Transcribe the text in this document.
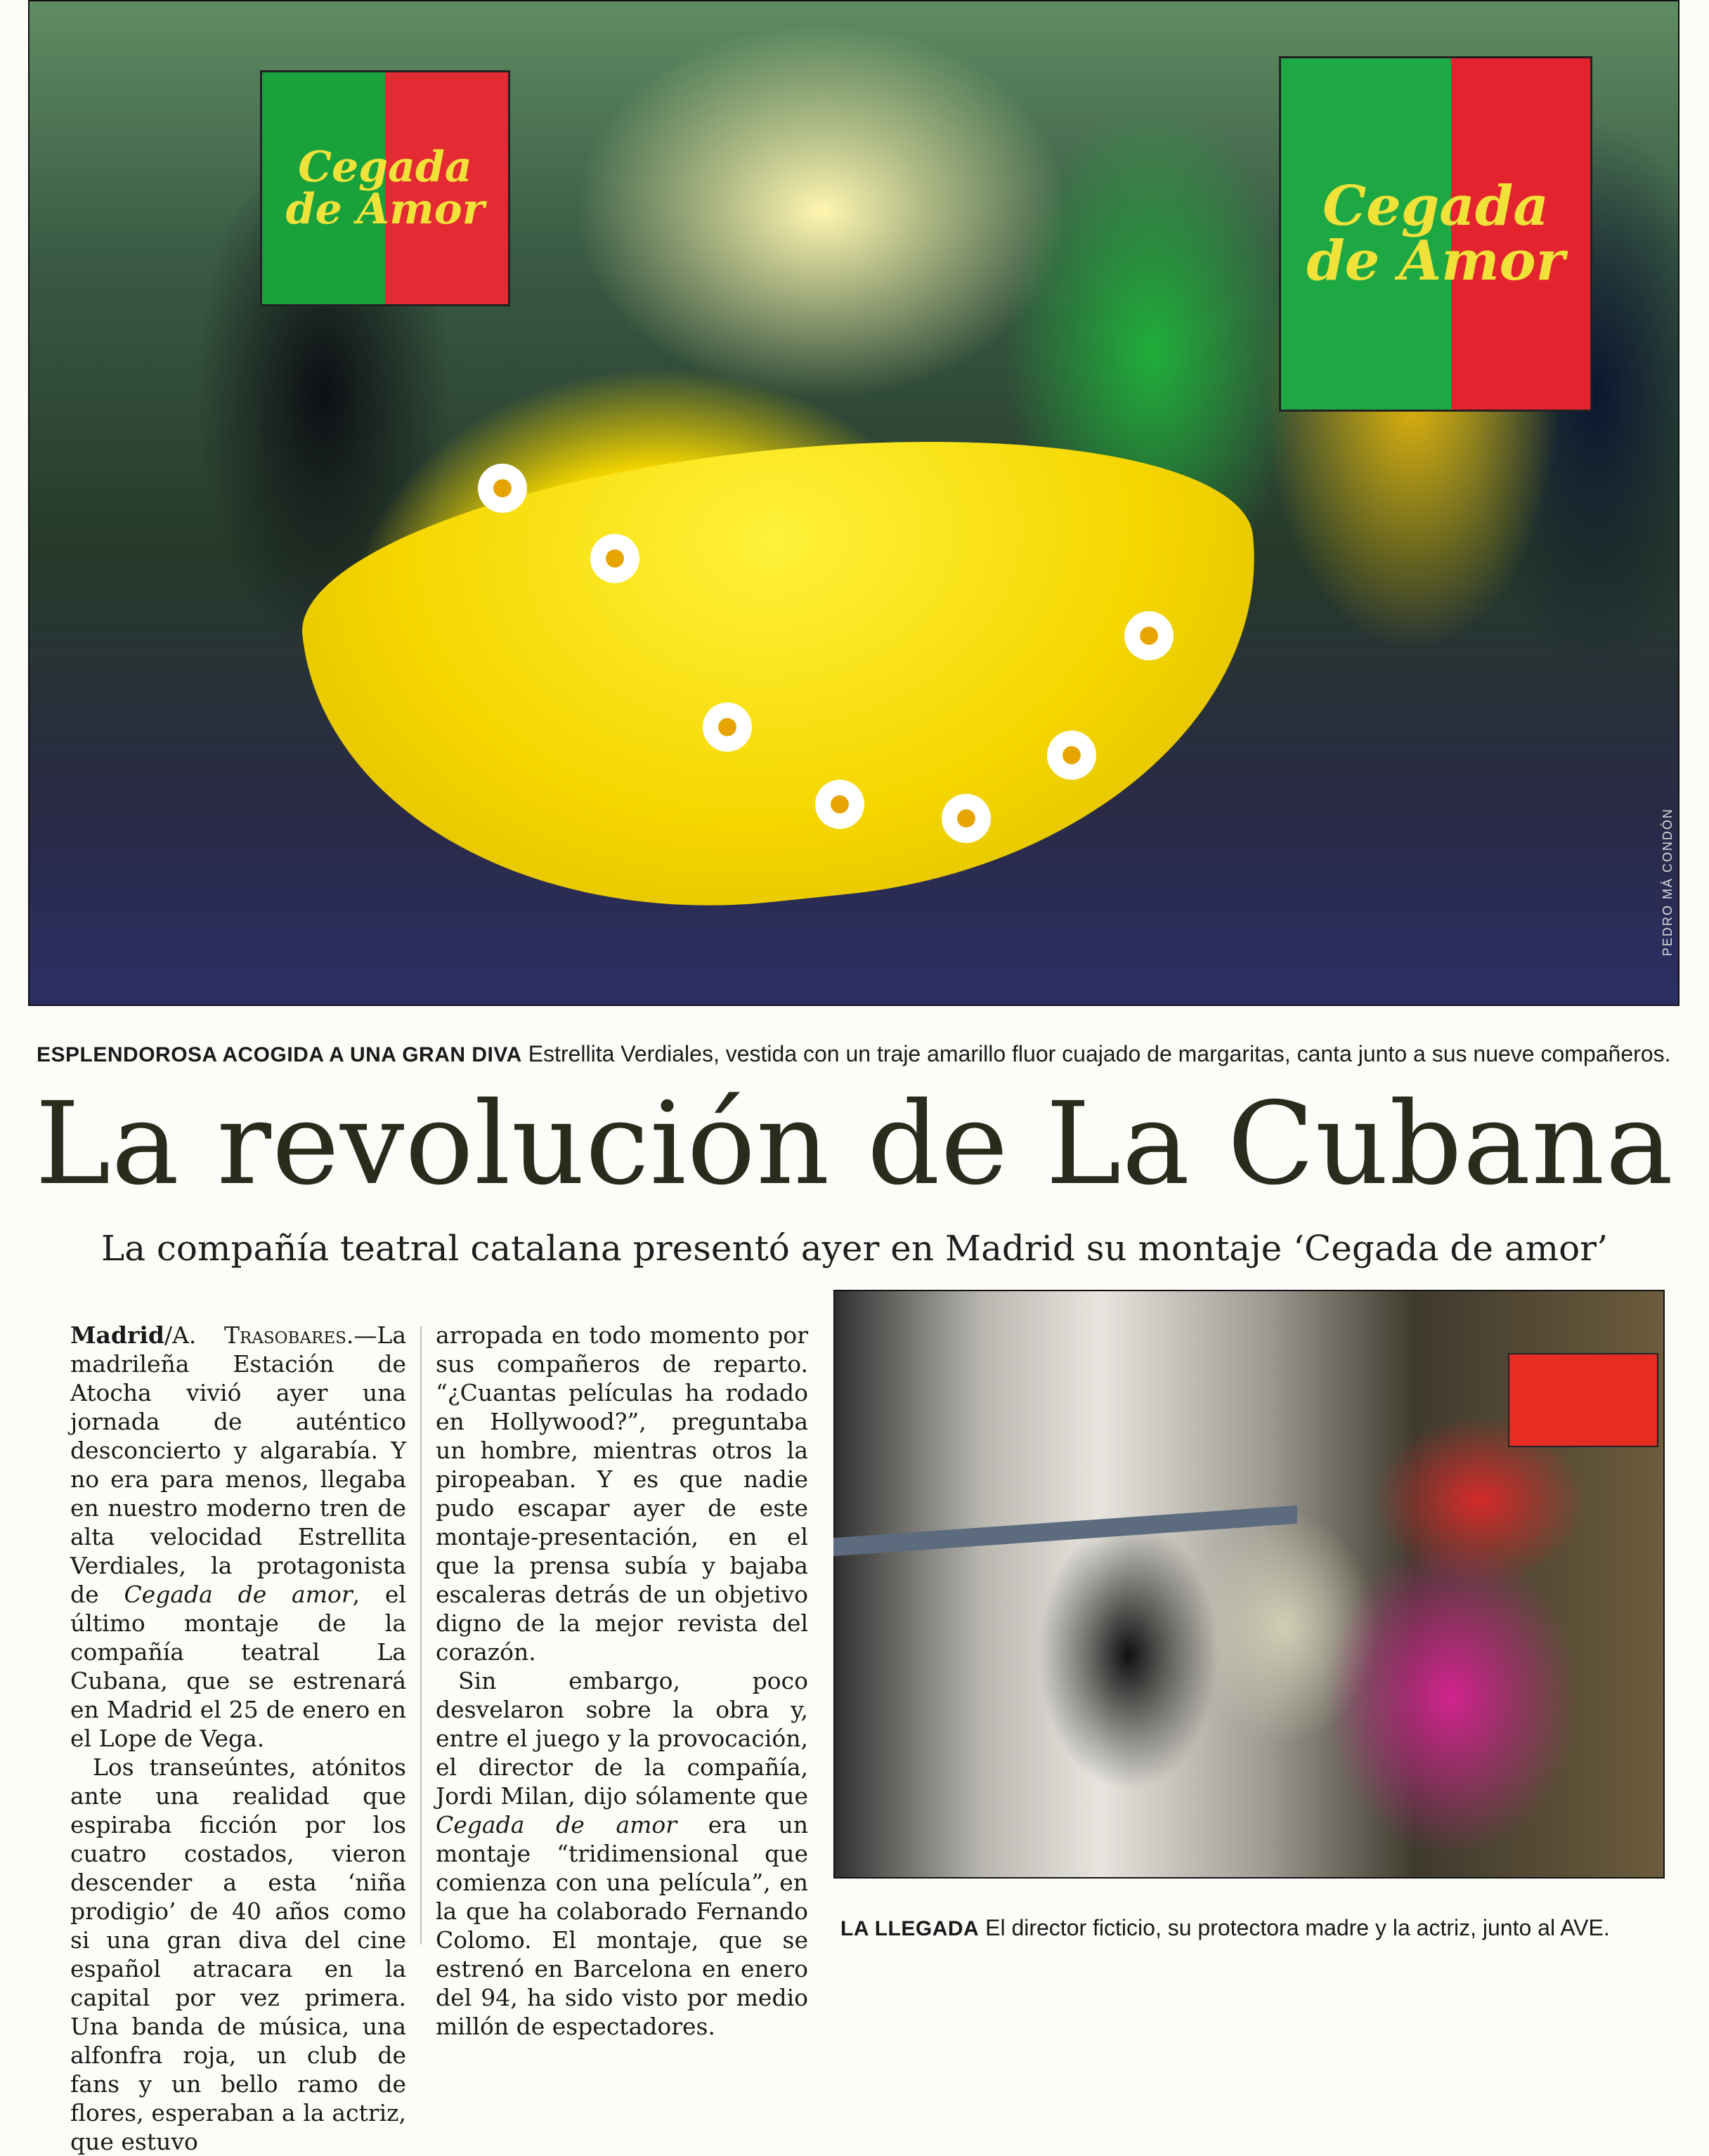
Cegada
de Amor	Cegada
de Amor
PEDRO MÁ CONDÓN
ESPLENDOROSA ACOGIDA A UNA GRAN DIVA Estrellita Verdiales, vestida con un traje amarillo fluor cuajado de margaritas, canta junto a sus nueve compañeros.
La revolución de La Cubana
La compañía teatral catalana presentó ayer en Madrid su montaje ‘Cegada de amor’

Madrid/A. Trasobares.—La madrileña Estación de Atocha vivió ayer una jornada de auténtico desconcierto y algarabía. Y no era para menos, llegaba en nuestro moderno tren de alta velocidad Estrellita Verdiales, la protagonista de Cegada de amor, el último montaje de la compañía teatral La Cubana, que se estrenará en Madrid el 25 de enero en el Lope de Vega.

Los transeúntes, atónitos ante una realidad que espiraba ficción por los cuatro costados, vieron descender a esta ‘niña prodigio’ de 40 años como si una gran diva del cine español atracara en la capital por vez primera. Una banda de música, una alfonfra roja, un club de fans y un bello ramo de flores, esperaban a la actriz, que estuvo

arropada en todo momento por sus compañeros de reparto. “¿Cuantas películas ha rodado en Hollywood?”, preguntaba un hombre, mientras otros la piropeaban. Y es que nadie pudo escapar ayer de este montaje-presentación, en el que la prensa subía y bajaba escaleras detrás de un objetivo digno de la mejor revista del corazón.

Sin embargo, poco desvelaron sobre la obra y, entre el juego y la provocación, el director de la compañía, Jordi Milan, dijo sólamente que Cegada de amor era un montaje “tridimensional que comienza con una película”, en la que ha colaborado Fernando Colomo. El montaje, que se estrenó en Barcelona en enero del 94, ha sido visto por medio millón de espectadores.

LA LLEGADA El director ficticio, su protectora madre y la actriz, junto al AVE.
